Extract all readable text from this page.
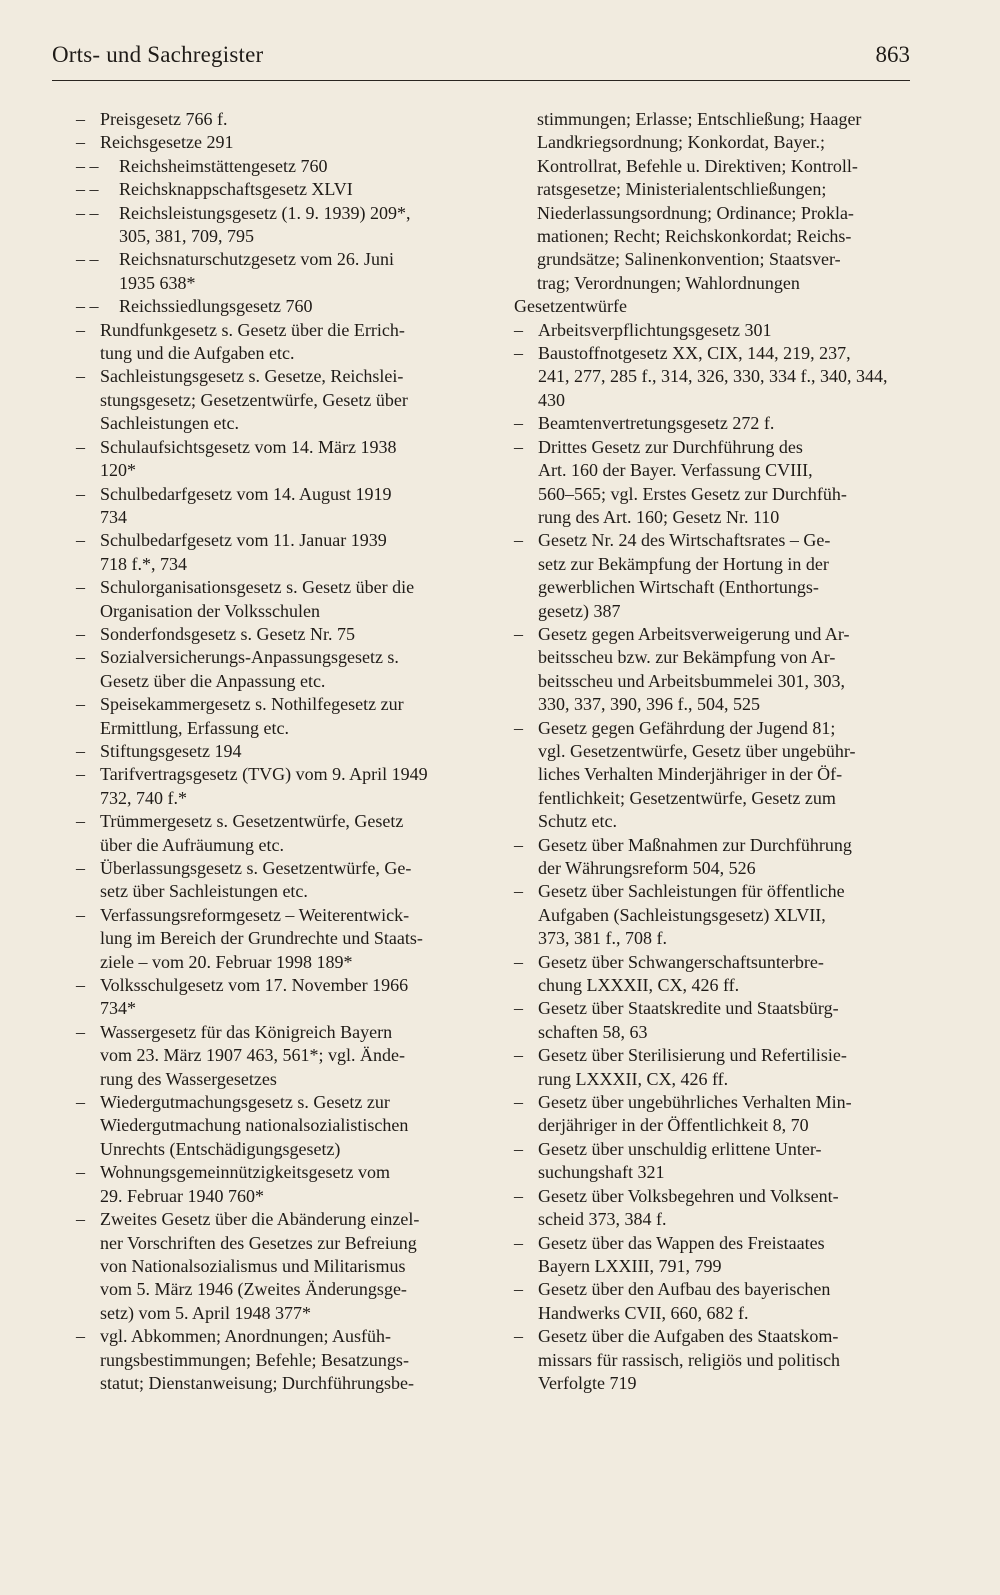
Orts- und Sachregister	863
– Preisgesetz 766 f.
– Reichsgesetze 291
– – Reichsheimstättengesetz 760
– – Reichsknappschaftsgesetz XLVI
– – Reichsleistungsgesetz (1. 9. 1939) 209*,
305, 381, 709, 795
– – Reichsnaturschutzgesetz vom 26. Juni
1935 638*
– – Reichssiedlungsgesetz 760
– Rundfunkgesetz s. Gesetz über die Errich-
tung und die Aufgaben etc.
– Sachleistungsgesetz s. Gesetze, Reichslei-
stungsgesetz; Gesetzentwürfe, Gesetz über
Sachleistungen etc.
– Schulaufsichtsgesetz vom 14. März 1938
120*
– Schulbedarfgesetz vom 14. August 1919
734
– Schulbedarfgesetz vom 11. Januar 1939
718 f.*, 734
– Schulorganisationsgesetz s. Gesetz über die
Organisation der Volksschulen
– Sonderfondsgesetz s. Gesetz Nr. 75
– Sozialversicherungs-Anpassungsgesetz s.
Gesetz über die Anpassung etc.
– Speisekammergesetz s. Nothilfegesetz zur
Ermittlung, Erfassung etc.
– Stiftungsgesetz 194
– Tarifvertragsgesetz (TVG) vom 9. April 1949
732, 740 f.*
– Trümmergesetz s. Gesetzentwürfe, Gesetz
über die Aufräumung etc.
– Überlassungsgesetz s. Gesetzentwürfe, Ge-
setz über Sachleistungen etc.
– Verfassungsreformgesetz – Weiterentwick-
lung im Bereich der Grundrechte und Staats-
ziele – vom 20. Februar 1998 189*
– Volksschulgesetz vom 17. November 1966
734*
– Wassergesetz für das Königreich Bayern
vom 23. März 1907 463, 561*; vgl. Ände-
rung des Wassergesetzes
– Wiedergutmachungsgesetz s. Gesetz zur
Wiedergutmachung nationalsozialistischen
Unrechts (Entschädigungsgesetz)
– Wohnungsgemeinnützigkeitsgesetz vom
29. Februar 1940 760*
– Zweites Gesetz über die Abänderung einzel-
ner Vorschriften des Gesetzes zur Befreiung
von Nationalsozialismus und Militarismus
vom 5. März 1946 (Zweites Änderungsge-
setz) vom 5. April 1948 377*
– vgl. Abkommen; Anordnungen; Ausfüh-
rungsbestimmungen; Befehle; Besatzungs-
statut; Dienstanweisung; Durchführungsbe-
stimmungen; Erlasse; Entschließung; Haager
Landkriegsordnung; Konkordat, Bayer.;
Kontrollrat, Befehle u. Direktiven; Kontroll-
ratsgesetze; Ministerialentschließungen;
Niederlassungsordnung; Ordinance; Prokla-
mationen; Recht; Reichskonkordat; Reichs-
grundsätze; Salinenkonvention; Staatsver-
trag; Verordnungen; Wahlordnungen
Gesetzentwürfe
– Arbeitsverpflichtungsgesetz 301
– Baustoffnotgesetz XX, CIX, 144, 219, 237,
241, 277, 285 f., 314, 326, 330, 334 f., 340, 344,
430
– Beamtenvertretungsgesetz 272 f.
– Drittes Gesetz zur Durchführung des
Art. 160 der Bayer. Verfassung CVIII,
560–565; vgl. Erstes Gesetz zur Durchfüh-
rung des Art. 160; Gesetz Nr. 110
– Gesetz Nr. 24 des Wirtschaftsrates – Ge-
setz zur Bekämpfung der Hortung in der
gewerblichen Wirtschaft (Enthortungs-
gesetz) 387
– Gesetz gegen Arbeitsverweigerung und Ar-
beitsscheu bzw. zur Bekämpfung von Ar-
beitsscheu und Arbeitsbummelei 301, 303,
330, 337, 390, 396 f., 504, 525
– Gesetz gegen Gefährdung der Jugend 81;
vgl. Gesetzentwürfe, Gesetz über ungebühr-
liches Verhalten Minderjähriger in der Öf-
fentlichkeit; Gesetzentwürfe, Gesetz zum
Schutz etc.
– Gesetz über Maßnahmen zur Durchführung
der Währungsreform 504, 526
– Gesetz über Sachleistungen für öffentliche
Aufgaben (Sachleistungsgesetz) XLVII,
373, 381 f., 708 f.
– Gesetz über Schwangerschaftsunterbre-
chung LXXXII, CX, 426 ff.
– Gesetz über Staatskredite und Staatsbürg-
schaften 58, 63
– Gesetz über Sterilisierung und Refertilisie-
rung LXXXII, CX, 426 ff.
– Gesetz über ungebührliches Verhalten Min-
derjähriger in der Öffentlichkeit 8, 70
– Gesetz über unschuldig erlittene Unter-
suchungshaft 321
– Gesetz über Volksbegehren und Volksent-
scheid 373, 384 f.
– Gesetz über das Wappen des Freistaates
Bayern LXXIII, 791, 799
– Gesetz über den Aufbau des bayerischen
Handwerks CVII, 660, 682 f.
– Gesetz über die Aufgaben des Staatskom-
missars für rassisch, religiös und politisch
Verfolgte 719
